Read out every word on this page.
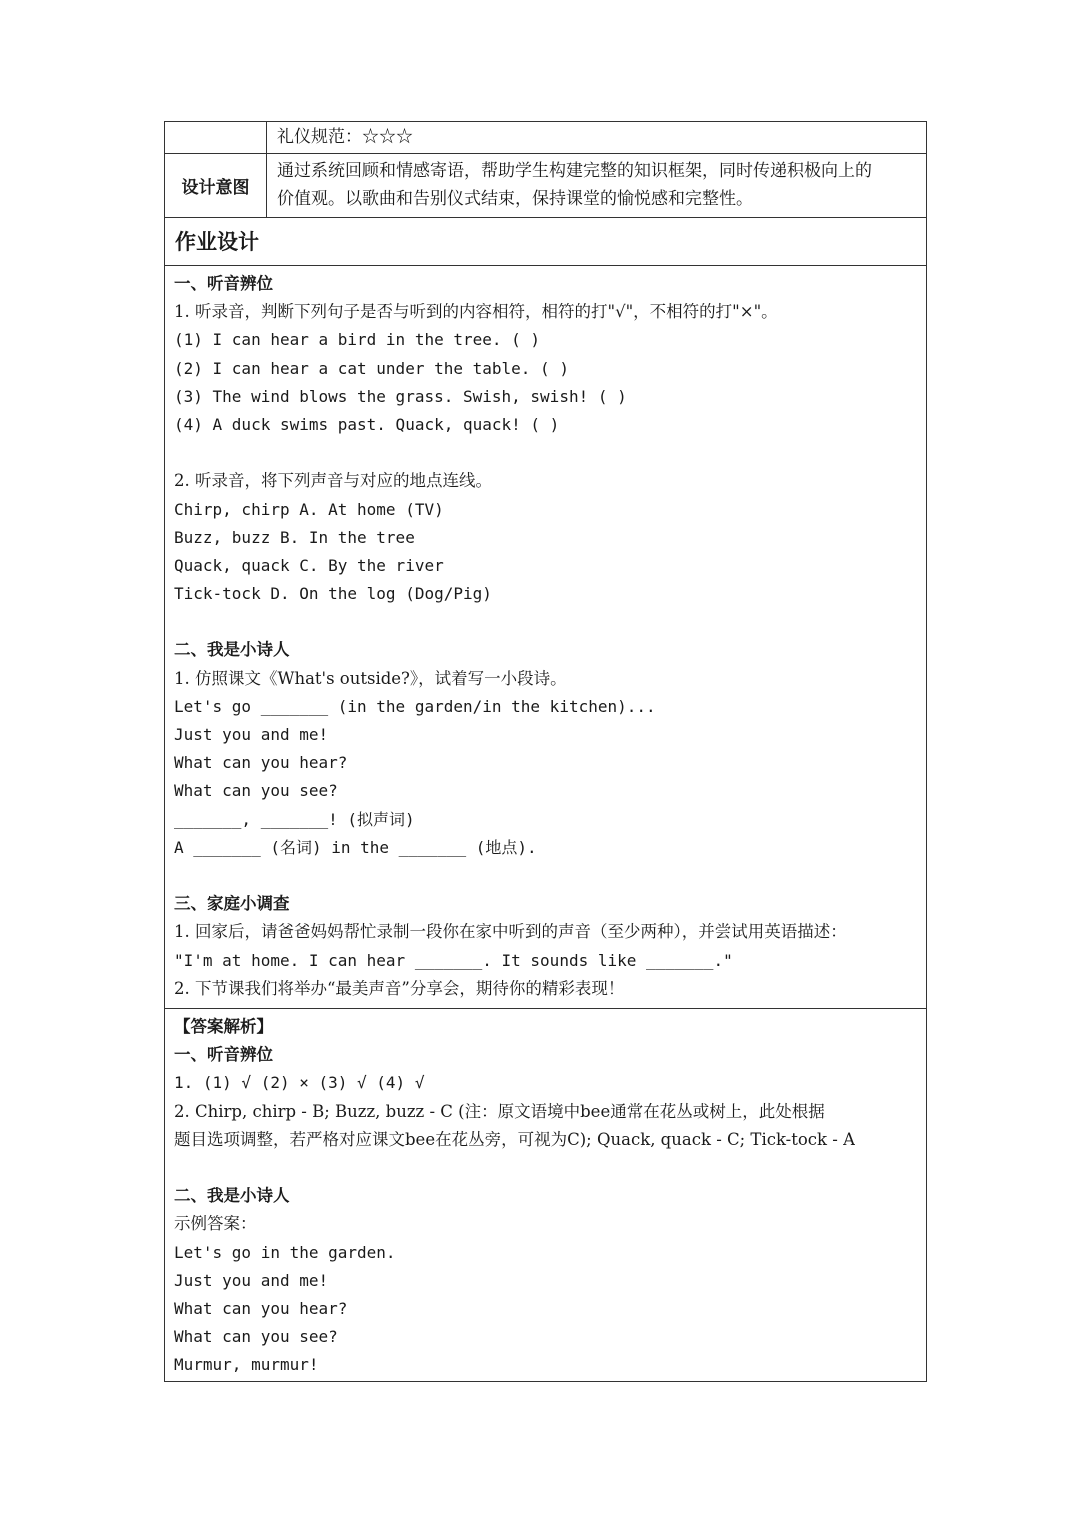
礼仪规范：☆☆☆
设计意图
通过系统回顾和情感寄语，帮助学生构建完整的知识框架，同时传递积极向上的
价值观。以歌曲和告别仪式结束，保持课堂的愉悦感和完整性。
作业设计
一、听音辨位
1. 听录音，判断下列句子是否与听到的内容相符，相符的打"√"，不相符的打"×"。
(1) I can hear a bird in the tree. ( )
(2) I can hear a cat under the table. ( )
(3) The wind blows the grass. Swish, swish! ( )
(4) A duck swims past. Quack, quack! ( )
2. 听录音，将下列声音与对应的地点连线。
Chirp, chirp A. At home (TV)
Buzz, buzz B. In the tree
Quack, quack C. By the river
Tick-tock D. On the log (Dog/Pig)
二、我是小诗人
1. 仿照课文《What's outside?》，试着写一小段诗。
Let's go _______ (in the garden/in the kitchen)...
Just you and me!
What can you hear?
What can you see?
_______, _______! (拟声词)
A _______ (名词) in the _______ (地点).
三、家庭小调查
1. 回家后，请爸爸妈妈帮忙录制一段你在家中听到的声音（至少两种），并尝试用英语描述：
"I'm at home. I can hear _______. It sounds like _______."
2. 下节课我们将举办“最美声音”分享会，期待你的精彩表现！
【答案解析】
一、听音辨位
1. (1) √ (2) × (3) √ (4) √
2. Chirp, chirp - B; Buzz, buzz - C (注：原文语境中bee通常在花丛或树上，此处根据
题目选项调整，若严格对应课文bee在花丛旁，可视为C); Quack, quack - C; Tick-tock - A
二、我是小诗人
示例答案：
Let's go in the garden.
Just you and me!
What can you hear?
What can you see?
Murmur, murmur!
